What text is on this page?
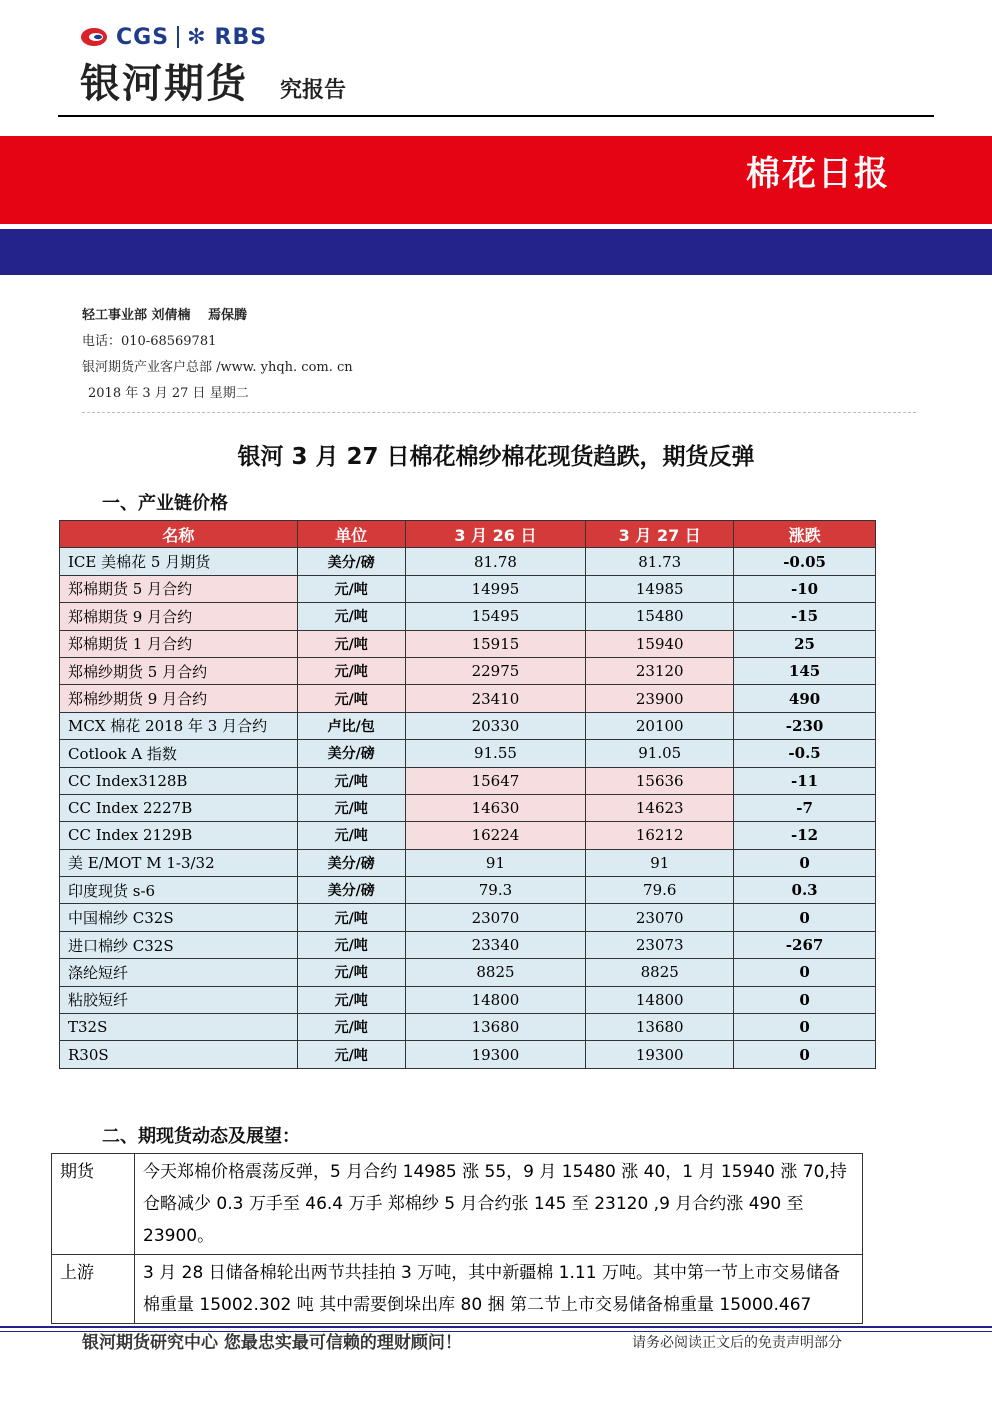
CGS ✻ RBS
银河期货 究报告
棉花日报
轻工事业部 刘倩楠　 焉保腾
电话：010-68569781
银河期货产业客户总部 /www. yhqh. com. cn
2018 年 3 月 27 日 星期二
银河 3 月 27 日棉花棉纱棉花现货趋跌，期货反弹
一、产业链价格
名称	单位	3 月 26 日	3 月 27 日	涨跌
ICE 美棉花 5 月期货	美分/磅	81.78	81.73	-0.05
郑棉期货 5 月合约	元/吨	14995	14985	-10
郑棉期货 9 月合约	元/吨	15495	15480	-15
郑棉期货 1 月合约	元/吨	15915	15940	25
郑棉纱期货 5 月合约	元/吨	22975	23120	145
郑棉纱期货 9 月合约	元/吨	23410	23900	490
MCX 棉花 2018 年 3 月合约	卢比/包	20330	20100	-230
Cotlook A 指数	美分/磅	91.55	91.05	-0.5
CC Index3128B	元/吨	15647	15636	-11
CC Index 2227B	元/吨	14630	14623	-7
CC Index 2129B	元/吨	16224	16212	-12
美 E/MOT M 1-3/32	美分/磅	91	91	0
印度现货 s-6	美分/磅	79.3	79.6	0.3
中国棉纱 C32S	元/吨	23070	23070	0
进口棉纱 C32S	元/吨	23340	23073	-267
涤纶短纤	元/吨	8825	8825	0
粘胶短纤	元/吨	14800	14800	0
T32S	元/吨	13680	13680	0
R30S	元/吨	19300	19300	0
二、期现货动态及展望：
期货	今天郑棉价格震荡反弹，5 月合约 14985 涨 55，9 月 15480 涨 40，1 月 15940 涨 70,持仓略减少 0.3 万手至 46.4 万手 郑棉纱 5 月合约张 145 至 23120 ,9 月合约涨 490 至 23900。
上游	3 月 28 日储备棉轮出两节共挂拍 3 万吨，其中新疆棉 1.11 万吨。其中第一节上市交易储备棉重量 15002.302 吨 其中需要倒垛出库 80 捆 第二节上市交易储备棉重量 15000.467
银河期货研究中心 您最忠实最可信赖的理财顾问！	请务必阅读正文后的免责声明部分
